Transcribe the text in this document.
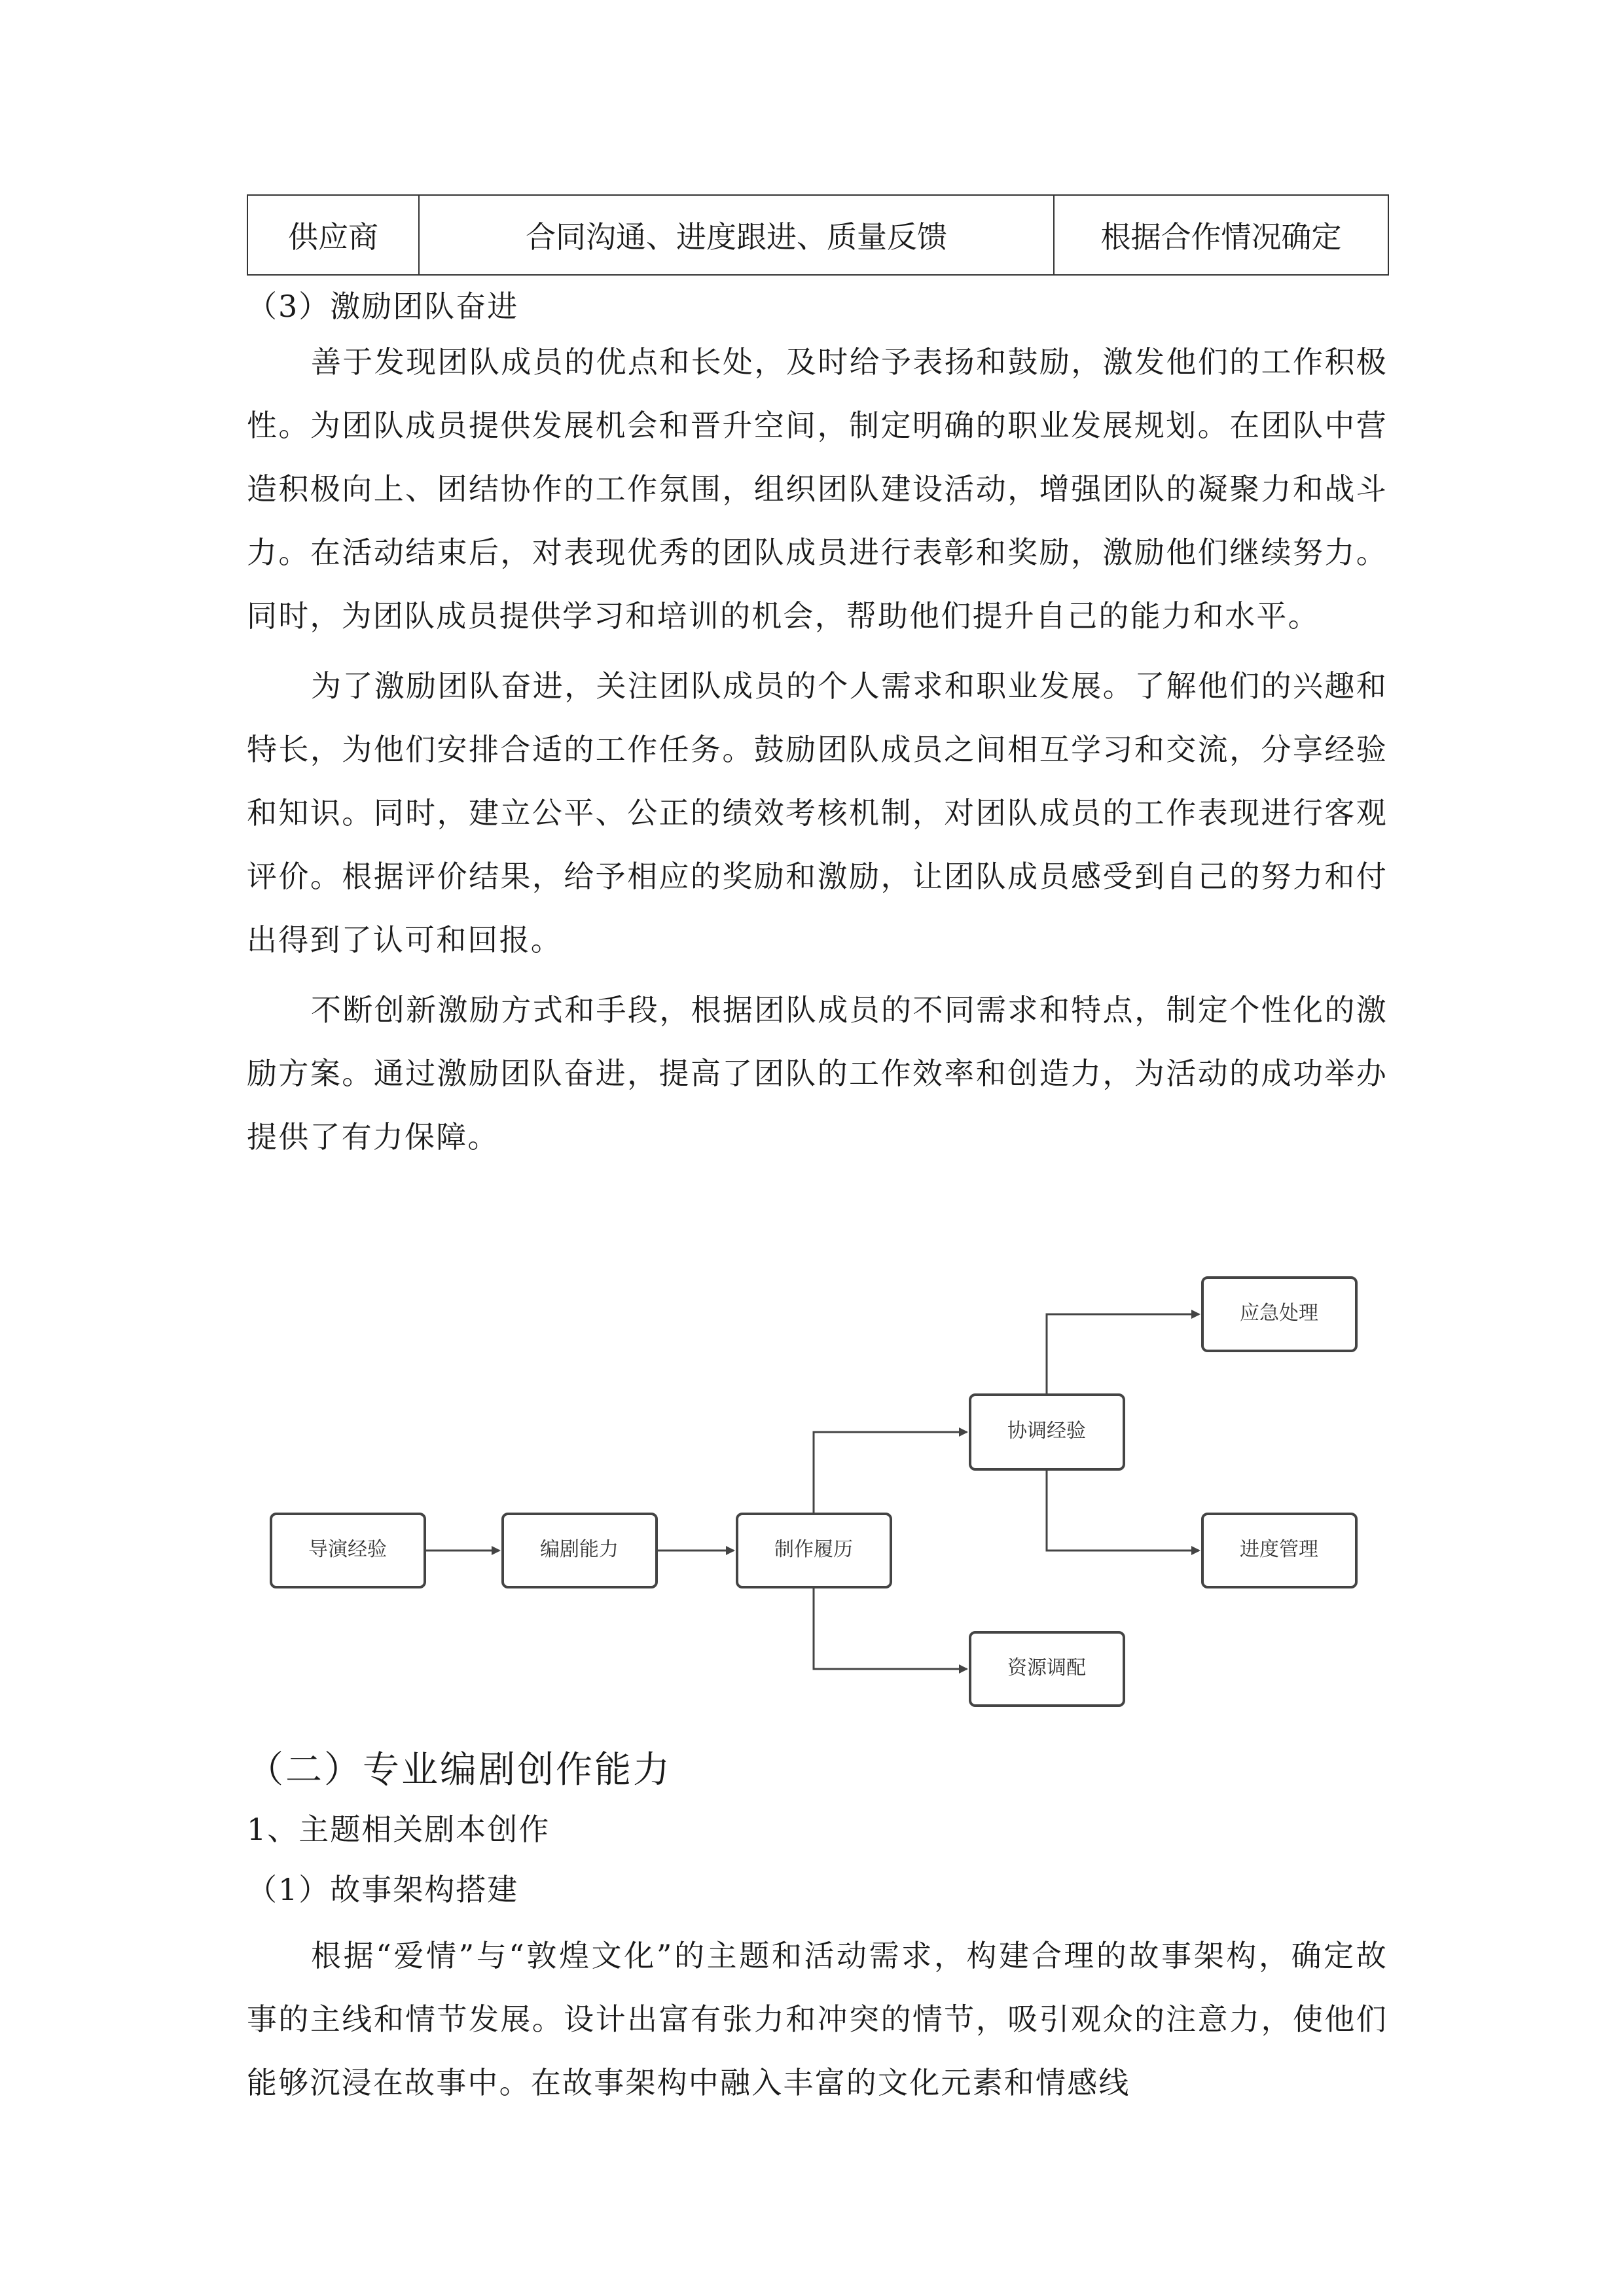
供应商	合同沟通、进度跟进、质量反馈	根据合作情况确定
（3）激励团队奋进

善于发现团队成员的优点和长处，及时给予表扬和鼓励，激发他们的工作积极性。为团队成员提供发展机会和晋升空间，制定明确的职业发展规划。在团队中营造积极向上、团结协作的工作氛围，组织团队建设活动，增强团队的凝聚力和战斗力。在活动结束后，对表现优秀的团队成员进行表彰和奖励，激励他们继续努力。同时，为团队成员提供学习和培训的机会，帮助他们提升自己的能力和水平。

为了激励团队奋进，关注团队成员的个人需求和职业发展。了解他们的兴趣和特长，为他们安排合适的工作任务。鼓励团队成员之间相互学习和交流，分享经验和知识。同时，建立公平、公正的绩效考核机制，对团队成员的工作表现进行客观评价。根据评价结果，给予相应的奖励和激励，让团队成员感受到自己的努力和付出得到了认可和回报。

不断创新激励方式和手段，根据团队成员的不同需求和特点，制定个性化的激励方案。通过激励团队奋进，提高了团队的工作效率和创造力，为活动的成功举办提供了有力保障。

导演经验	编剧能力	制作履历
协调经验
应急处理
进度管理
资源调配
（二）专业编剧创作能力
1、主题相关剧本创作
（1）故事架构搭建

根据“爱情”与“敦煌文化”的主题和活动需求，构建合理的故事架构，确定故事的主线和情节发展。设计出富有张力和冲突的情节，吸引观众的注意力，使他们能够沉浸在故事中。在故事架构中融入丰富的文化元素和情感线
